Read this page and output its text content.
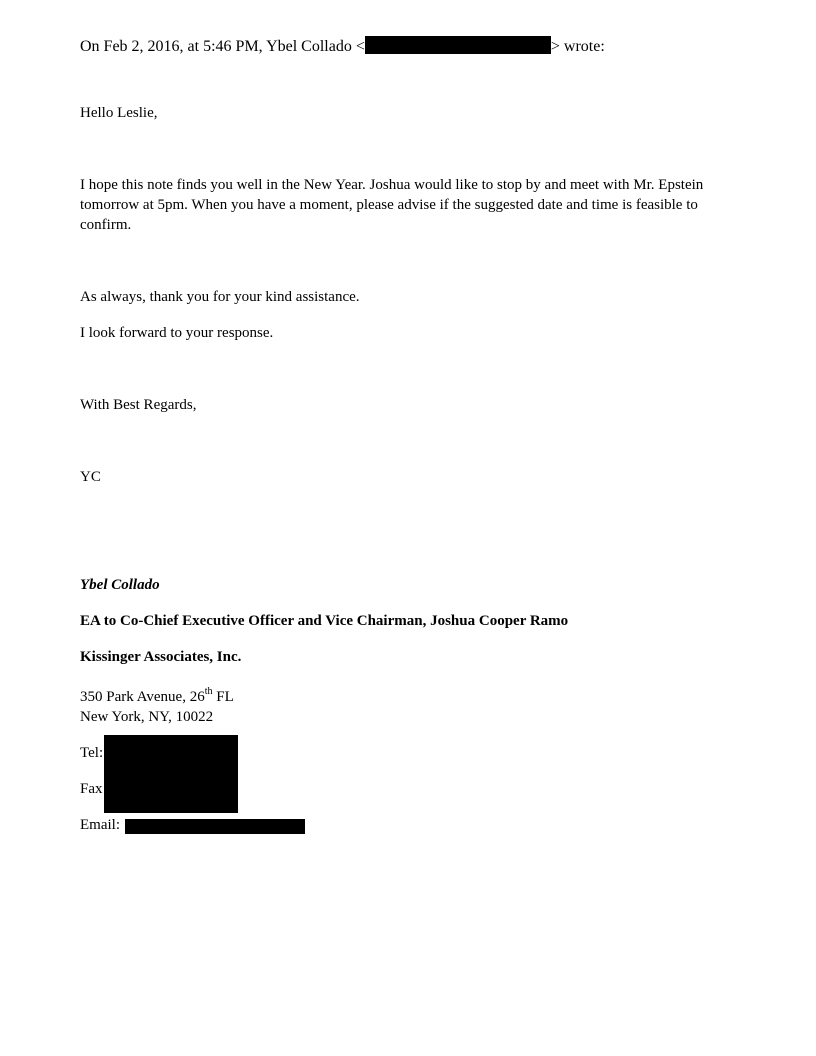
On Feb 2, 2016, at 5:46 PM, Ybel Collado <	> wrote:
Hello Leslie,
I hope this note finds you well in the New Year. Joshua would like to stop by and meet with Mr. Epstein tomorrow at 5pm. When you have a moment, please advise if the suggested date and time is feasible to confirm.
As always, thank you for your kind assistance.
I look forward to your response.
With Best Regards,
YC
Ybel Collado
EA to Co-Chief Executive Officer and Vice Chairman, Joshua Cooper Ramo
Kissinger Associates, Inc.
350 Park Avenue, 26th FL
New York, NY, 10022
Tel:
Fax
Email:
